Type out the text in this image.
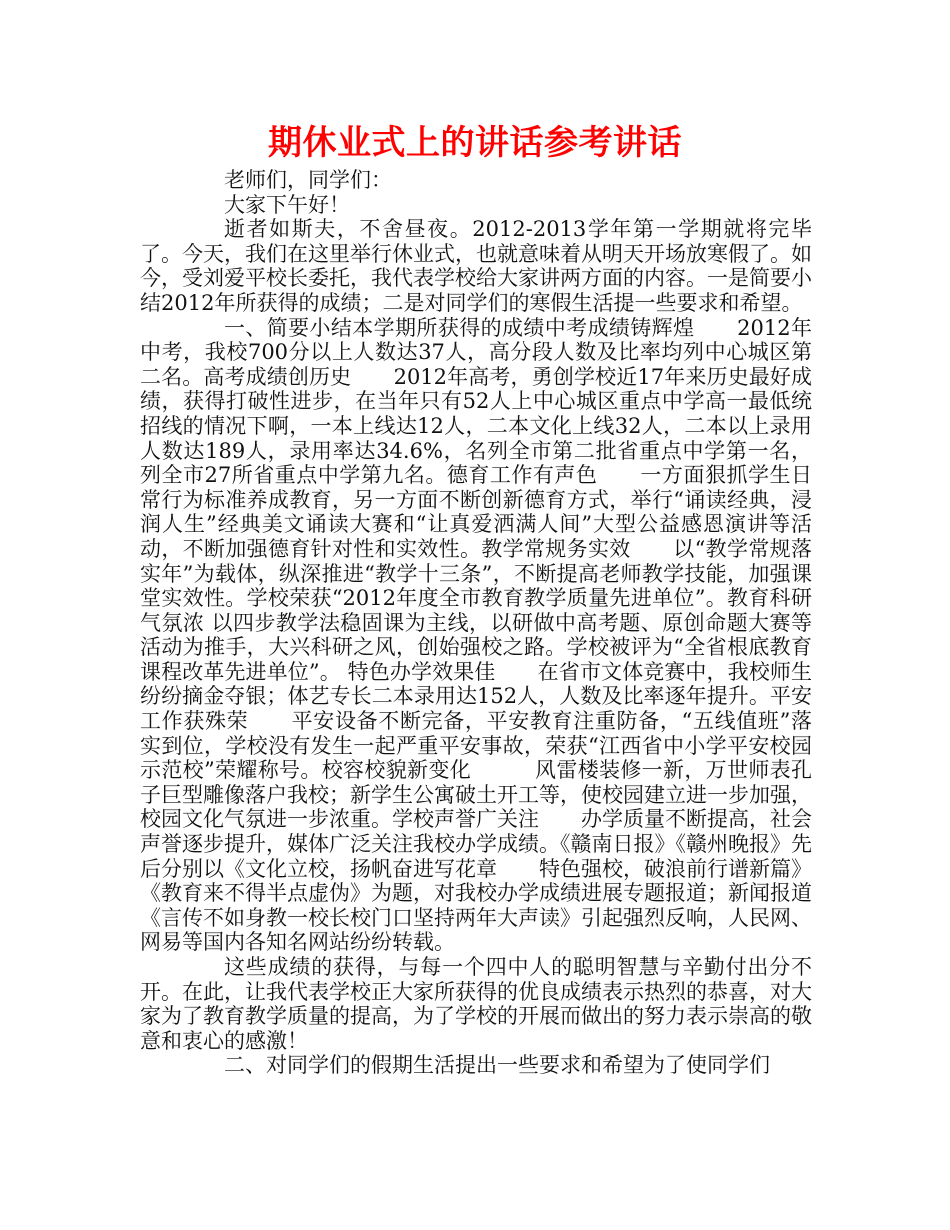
期休业式上的讲话参考讲话

老师们，同学们：

大家下午好！

逝者如斯夫，不舍昼夜。2012-2013学年第一学期就将完毕了。今天，我们在这里举行休业式，也就意味着从明天开场放寒假了。如今，受刘爱平校长委托，我代表学校给大家讲两方面的内容。一是简要小结2012年所获得的成绩；二是对同学们的寒假生活提一些要求和希望。

一、简要小结本学期所获得的成绩中考成绩铸辉煌　　2012年中考，我校700分以上人数达37人，高分段人数及比率均列中心城区第二名。高考成绩创历史　　2012年高考，勇创学校近17年来历史最好成绩，获得打破性进步，在当年只有52人上中心城区重点中学高一最低统招线的情况下啊，一本上线达12人，二本文化上线32人，二本以上录用人数达189人，录用率达34.6%，名列全市第二批省重点中学第一名，列全市27所省重点中学第九名。德育工作有声色　　一方面狠抓学生日常行为标准养成教育，另一方面不断创新德育方式，举行“诵读经典，浸润人生”经典美文诵读大赛和“让真爱洒满人间”大型公益感恩演讲等活动，不断加强德育针对性和实效性。教学常规务实效　　以“教学常规落实年”为载体，纵深推进“教学十三条”，不断提高老师教学技能，加强课堂实效性。学校荣获“2012年度全市教育教学质量先进单位”。教育科研气氛浓 以四步教学法稳固课为主线，以研做中高考题、原创命题大赛等活动为推手，大兴科研之风，创始强校之路。学校被评为“全省根底教育课程改革先进单位”。 特色办学效果佳　　在省市文体竞赛中，我校师生纷纷摘金夺银；体艺专长二本录用达152人，人数及比率逐年提升。平安工作获殊荣　　平安设备不断完备，平安教育注重防备，“五线值班”落实到位，学校没有发生一起严重平安事故，荣获“江西省中小学平安校园示范校”荣耀称号。校容校貌新变化　　　风雷楼装修一新，万世师表孔子巨型雕像落户我校；新学生公寓破土开工等，使校园建立进一步加强，校园文化气氛进一步浓重。学校声誉广关注　　办学质量不断提高，社会声誉逐步提升，媒体广泛关注我校办学成绩。《赣南日报》《赣州晚报》先后分别以《文化立校，扬帆奋进写花章　　特色强校，破浪前行谱新篇》《教育来不得半点虚伪》为题，对我校办学成绩进展专题报道；新闻报道《言传不如身教一校长校门口坚持两年大声读》引起强烈反响，人民网、网易等国内各知名网站纷纷转载。

这些成绩的获得，与每一个四中人的聪明智慧与辛勤付出分不开。在此，让我代表学校正大家所获得的优良成绩表示热烈的恭喜，对大家为了教育教学质量的提高，为了学校的开展而做出的努力表示崇高的敬意和衷心的感激！

二、对同学们的假期生活提出一些要求和希望为了使同学们
